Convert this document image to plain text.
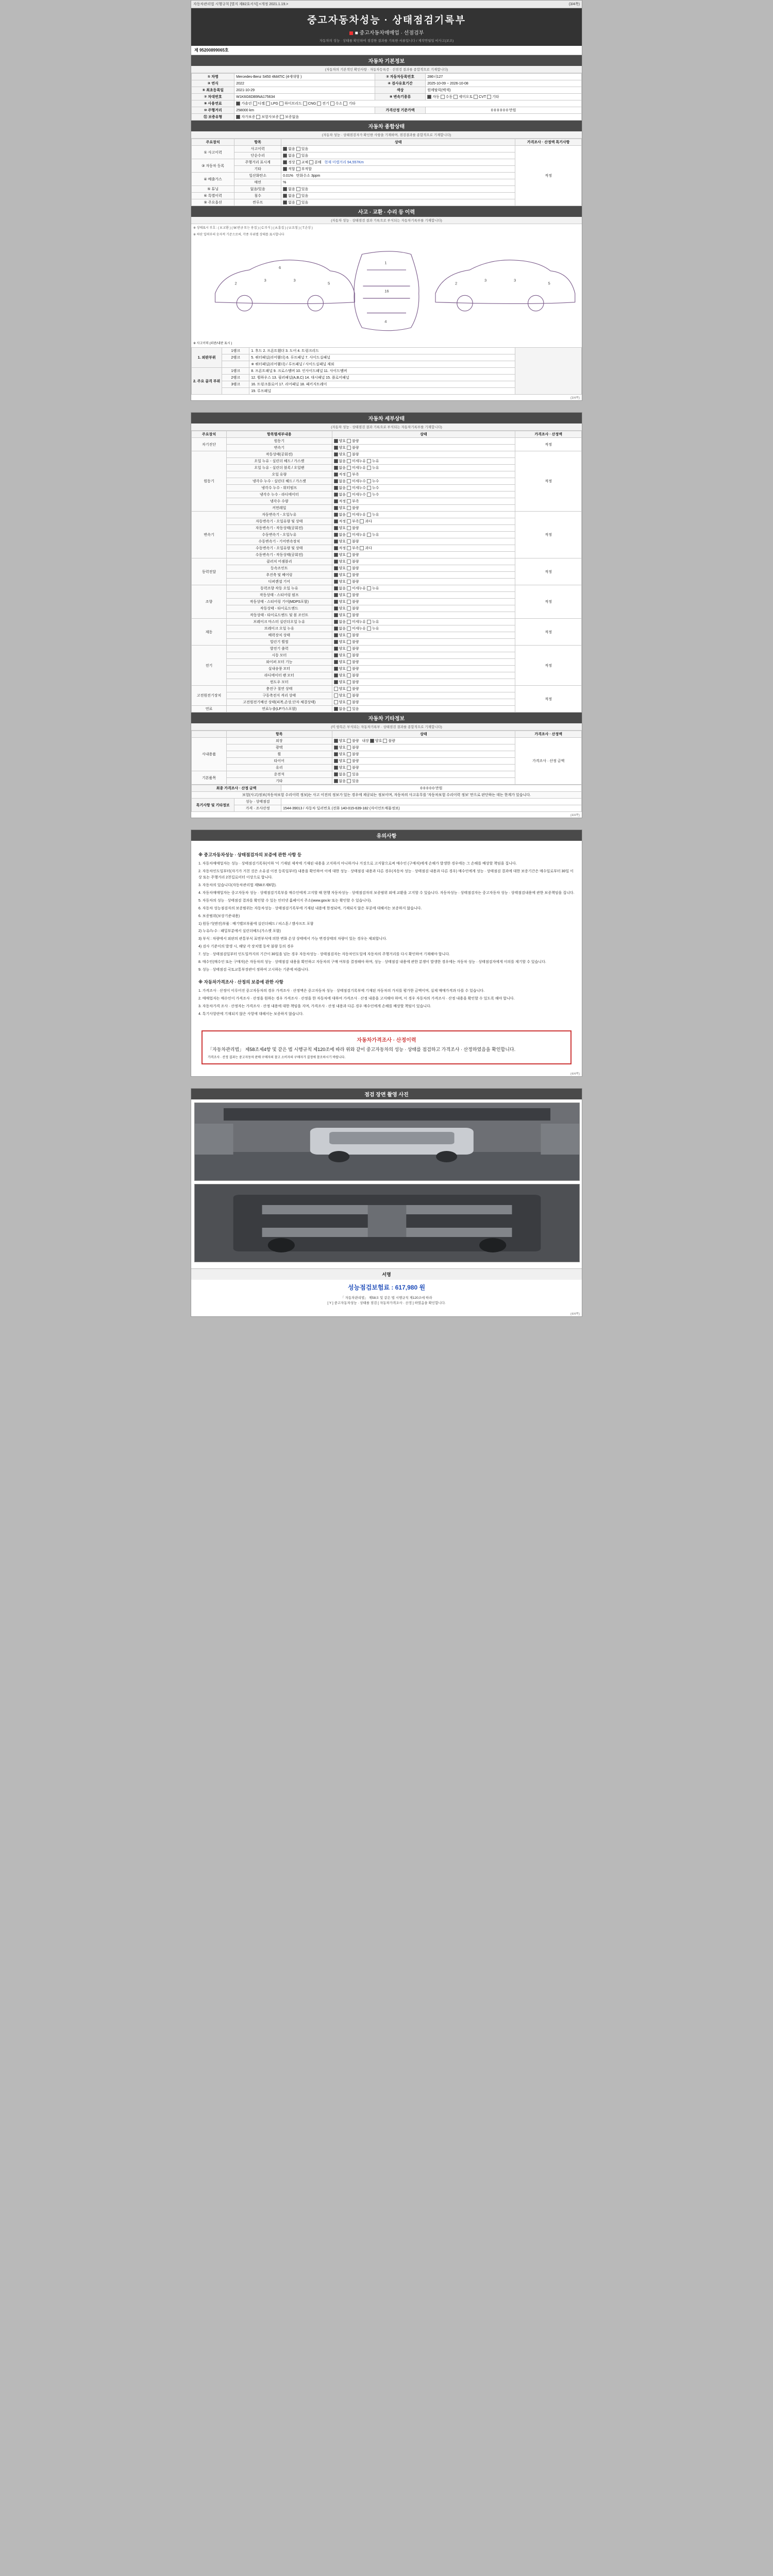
자동차관리법 시행규칙 [별지 제82호서식] <개정 2021.1.19.>	(3/4쪽)
중고자동차성능 · 상태점검기록부
■ 중고자동차매매업 · 선점검부
자동차의 성능 · 상태를 확인하여 점검한 결과를 기록한 서류입니다 / 제작연월일 비사고(보조)
제 95200899065호
자동차 기본정보
(자동차의 기본적인 확인사항 · 자동차등록증 · 선점검 결과를 종합적으로 기재합니다)
① 차명	Mercedes-Benz S450 4MATIC (4세대형 )	② 자동차등록번호	286너127
③ 연식	2022	④ 검사유효기간	2025-10-09 ~ 2026-10-08
⑤ 최초등록일	2021-10-29	색상	원메탈릭(백색)
⑦ 차대번호	W1K6G6DB9NA175634	⑧ 변속기종류	자동 수동 세미오토 CVT 기타
⑨ 사용연료	가솔린 디젤 LPG 하이브리드 CNG 전기 수소 기타		
⑩ 주행거리	258000 km	가격산정 기준가액	0 0 0 0 0 0 만원
⑪ 보증유형	자가보증 보험사보증 보증없음		
자동차 종합상태
(자동차 성능 · 상태점검자가 확인한 사항을 기재하며, 점검결과를 종합적으로 기재합니다)
주요장치	항목	상태	가격조사 · 산정액 특기사항
① 사고이력	사고이력	없음 있음	적정
	단순수리	없음 있음	
③ 자동차 등록	주행거리 표시계	정상 교체 분해 현재 미캘거리 94,557Km	
	기타	적합 부적합	
④ 배출가스	일산화탄소	0.01% 탄화수소 3ppm	
	매연	%	
⑤ 튜닝	없음/있음	없음 있음	
⑥ 특별이력	침수	없음 있음	
⑨ 주요옵션	썬루프	없음 있음	
사고 · 교환 · 수리 등 이력
(자동차 성능 · 상태점검 결과 기록으로 부식되는 자동차기록부를 기재합니다)
※ 상태표시 부호 : ( X:교환 ) ( W:판금 또는 용접 ) ( C:부식 ) ( A:흠집 ) ( U:요철 ) ( T:손상 )
※ 하단 입력부의 숫자적 기준으로써, 각종 부위별 상태를 표시합니다
2
3	3
5
6
1
16
4
2
3	3
5
※ 사고이력 (외판/내판 표시 )
1. 외판부위	1랭크	1. 후드 2. 프론트휀더 3. 도어 4. 트렁크리드	
	2랭크	5. 쿼터패널(리어휀더) 6. 루프패널 7. 사이드실패널	
		※ 쿼터패널(리어휀더) / 루프패널 / 사이드실패널 제외	
2. 주요 골격 부위	1랭크	8. 프론트패널 9. 크로스멤버 10. 인사이드패널 11. 사이드멤버	
	2랭크	12. 휠하우스 13. 필러패널(A,B,C) 14. 대시패널 15. 플로어패널	
	3랭크	16. 트렁크플로어 17. 리어패널 18. 패키지트레이	
		19. 루프패널	
(3/4쪽)
자동차 세부상태
(자동차 성능 · 상태점검 결과 기록으로 부식되는 자동차기록부를 기재합니다)
주요장치	항목별세부내용	상태	가격조사 · 산정액
자기진단	원동기	양호 불량	적정
	변속기	양호 불량	
원동기	작동상태(공회전)	양호 불량	적정
	오일 누유 - 실린더 헤드 / 가스켓	없음 미세누유 누유	
	오일 누유 - 실린더 블록 / 오일팬	없음 미세누유 누유	
	오일 유량	적정 부족	
	냉각수 누수 - 실린더 헤드 / 가스켓	없음 미세누수 누수	
	냉각수 누수 - 워터펌프	없음 미세누수 누수	
	냉각수 누수 - 라디에이터	없음 미세누수 누수	
	냉각수 수량	적정 부족	
	커먼레일	양호 불량	
변속기	자동변속기 - 오일누유	없음 미세누유 누유	적정
	자동변속기 - 오일유량 및 상태	적정 부족 과다	
	자동변속기 - 작동상태(공회전)	양호 불량	
	수동변속기 - 오일누유	없음 미세누유 누유	
	수동변속기 - 기어변속장치	양호 불량	
	수동변속기 - 오일유량 및 상태	적정 부족 과다	
	수동변속기 - 작동상태(공회전)	양호 불량	
동력전달	클러치 어셈블리	양호 불량	적정
	등속조인트	양호 불량	
	추진축 및 베어링	양호 불량	
	디퍼렌셜 기어	양호 불량	
조향	동력조향 작동 오일 누유	없음 미세누유 누유	적정
	작동상태 - 스티어링 펌프	양호 불량	
	작동상태 - 스티어링 기어(MDPS포함)	양호 불량	
	작동상태 - 타이로드엔드	양호 불량	
	작동상태 - 타이로드엔드 및 볼 조인트	양호 불량	
제동	브레이크 마스터 실린더오일 누유	없음 미세누유 누유	적정
	브레이크 오일 누유	없음 미세누유 누유	
	배력장치 상태	양호 불량	
	빌린기 휠씰	양호 불량	
전기	발전기 출력	양호 불량	적정
	시동 모터	양호 불량	
	와이퍼 모터 기능	양호 불량	
	실내송풍 모터	양호 불량	
	라디에이터 팬 모터	양호 불량	
	윈도우 모터	양호 불량	
고전원전기장치	충전구 절연 상태	양호 불량	적정
	구동축전지 격리 상태	양호 불량	
	고전원전기배선 상태(피복,손상,단자 체결상태)	양호 불량	
연료	연료누출(LP가스포함)	없음 있음	
자동차 기타정보
(미 항목은 부식되는 자동차기록부 · 상태점검 결과를 종합적으로 기재합니다)
	항목	상태	가격조사 · 산정액
사내용품	외장	양호 불량 내장 양호 불량	가격조사 · 산정 금액
	광택	양호 불량	
	휠	양호 불량	
	타이어	양호 불량	
	유리	양호 불량	
기본품목	운전석	없음 있음	
	기타	없음 있음	
최종 가격조사 · 산정 금액		0 0 0 0 0 만원
보험(사고)정보(자동차보험 수리이력 정보)는 사고 이전의 정보가 있는 경우에 제공되는 정보이며, 자동차의 사고유무를 '자동차보험 수리이력 정보' 만으로 판단하는 데는 한계가 있습니다.		
특기사항 및 기타정보	성능 · 상태점검	
	가격 · 조사산정	1544-39013 / 자동차 딜러번호 (전화 140-015-639-182 (자이언트매물정보)
(4/4쪽)
유의사항
※ 중고자동차성능 · 상태점검자의 보증에 관한 사항 등

1. 자동차매매업자는 성능 · 상태점검기록부(이하 '이 기재된 제작에 기재된 내용을 고지하지 아니하거나 거짓으로 고지함으로써 매수인 (구매자)에게 손해가 발생한 경우에는 그 손해를 배상할 책임을 집니다.

2. 자동차인도일부터(자기가 거친 것은 소유권 이전 등록일부터) 내용을 확인하여 이에 대한 성능 · 상태점검 내용과 다른 경우(자동차 성능 · 상태점검 내용과 다른 경우) 매수인에게 성능 · 상태점검 결과에 대한 보증기간은 매수일로부터 30일 이상 또는 주행거리 2천킬로미터 이상으로 합니다.

3. 자동차의 있습니다(자동차관리법 제58조제6항).

4. 자동차매매업자는 중고자동차 성능 · 상태점검기록부를 매수인에게 고지할 때 현행 자동차성능 · 상태점검자의 보증범위 외에 교환을 고지할 수 있습니다. 자동차성능 · 상태점검자는 중고자동차 성능 · 상태점검내용에 관한 보증책임을 집니다.

5. 자동차의 성능 · 상태점검 결과를 확인할 수 있는 인터넷 홈페이지 주소(www.gov.kr 또는 확인할 수 있습니다).

6. 자동차 성능점검자의 보증범위는 자동차성능 · 상태점검기록부에 기재된 내용에 한정되며, 기재되지 않은 부분에 대해서는 보증하지 않습니다.

6. 보증범위(보상기준내용)

1) 원동기(엔진)부품 : 배기밸브부품에 실린더헤드 / 피스톤 / 캠샤프트 포함

2) 누유/누수 : 패밀부분에서 실린더헤드(가스켓 포함)

3) 부식 : 차량에서 외판의 관통부식 표면부식에 의한 변화 손상 상태에서 가능 변경상태의 차량이 있는 경우는 제외합니다.

4) 검사 기준이의 발생 시, 해당 각 장치별 동작 불량 등의 경우

7. 성능 · 상태점검일부터 인도일까지의 기간이 30일을 넘는 경우 자동차성능 · 상태점검자는 자동차인도일에 자동차의 주행거리를 다시 확인하여 기재해야 합니다.

8. 매수인(매수인 또는 구매자)은 자동차의 성능 · 상태점검 내용을 확인하고 자동차의 구매 여부를 결정해야 하며, 성능 · 상태점검 내용에 관한 분쟁이 발생한 경우에는 자동차 성능 · 상태점검자에게 이의를 제기할 수 있습니다.

9. 성능 · 상태점검 국토교통부장관이 정하여 고시하는 기준에 따릅니다.

※ 자동차가격조사 · 산정의 보증에 관한 사항

1. 가격조사 · 산정이 이루어진 중고자동차의 경우 가격조사 · 산정액은 중고자동차 성능 · 상태점검기록부에 기재된 자동차의 가치를 평가한 금액이며, 실제 매매가격과 다를 수 있습니다.

2. 매매업자는 매수인이 가격조사 · 산정을 원하는 경우 가격조사 · 산정을 한 자동차에 대하여 가격조사 · 산정 내용을 고지해야 하며, 이 경우 자동차의 가격조사 · 산정 내용을 확인할 수 있도록 해야 합니다.

3. 자동차가격 조사 · 산정자는 가격조사 · 산정 내용에 대한 책임을 지며, 가격조사 · 산정 내용과 다른 경우 매수인에게 손해를 배상할 책임이 있습니다.

4. 특기사항란에 기재되지 않은 사항에 대해서는 보증하지 않습니다.

자동차가격조사 · 산정이력
「자동차관리법」 제58조제4항 및 같은 법 시행규칙 제120조에 따라 위와 같이 중고자동차의 성능 · 상태를 점검하고 가격조사 · 산정하였음을 확인합니다.
가격조사 · 산정 결과는 중고자동차 판매 구매자의 참고 소비자의 구매자가 결정에 참조하시기 바랍니다.
(4/4쪽)
점검 장면 촬영 사진
서명
성능점검보험료 : 617,980 원
「 자동차관리법」 제58조 및 같은 법 시행규칙 제120조에 따라
[ Y ] 중고자동차성능 · 상태를 점검 [ 자동차가격조사 · 산정 ] 하였음을 확인합니다.
(4/4쪽)
